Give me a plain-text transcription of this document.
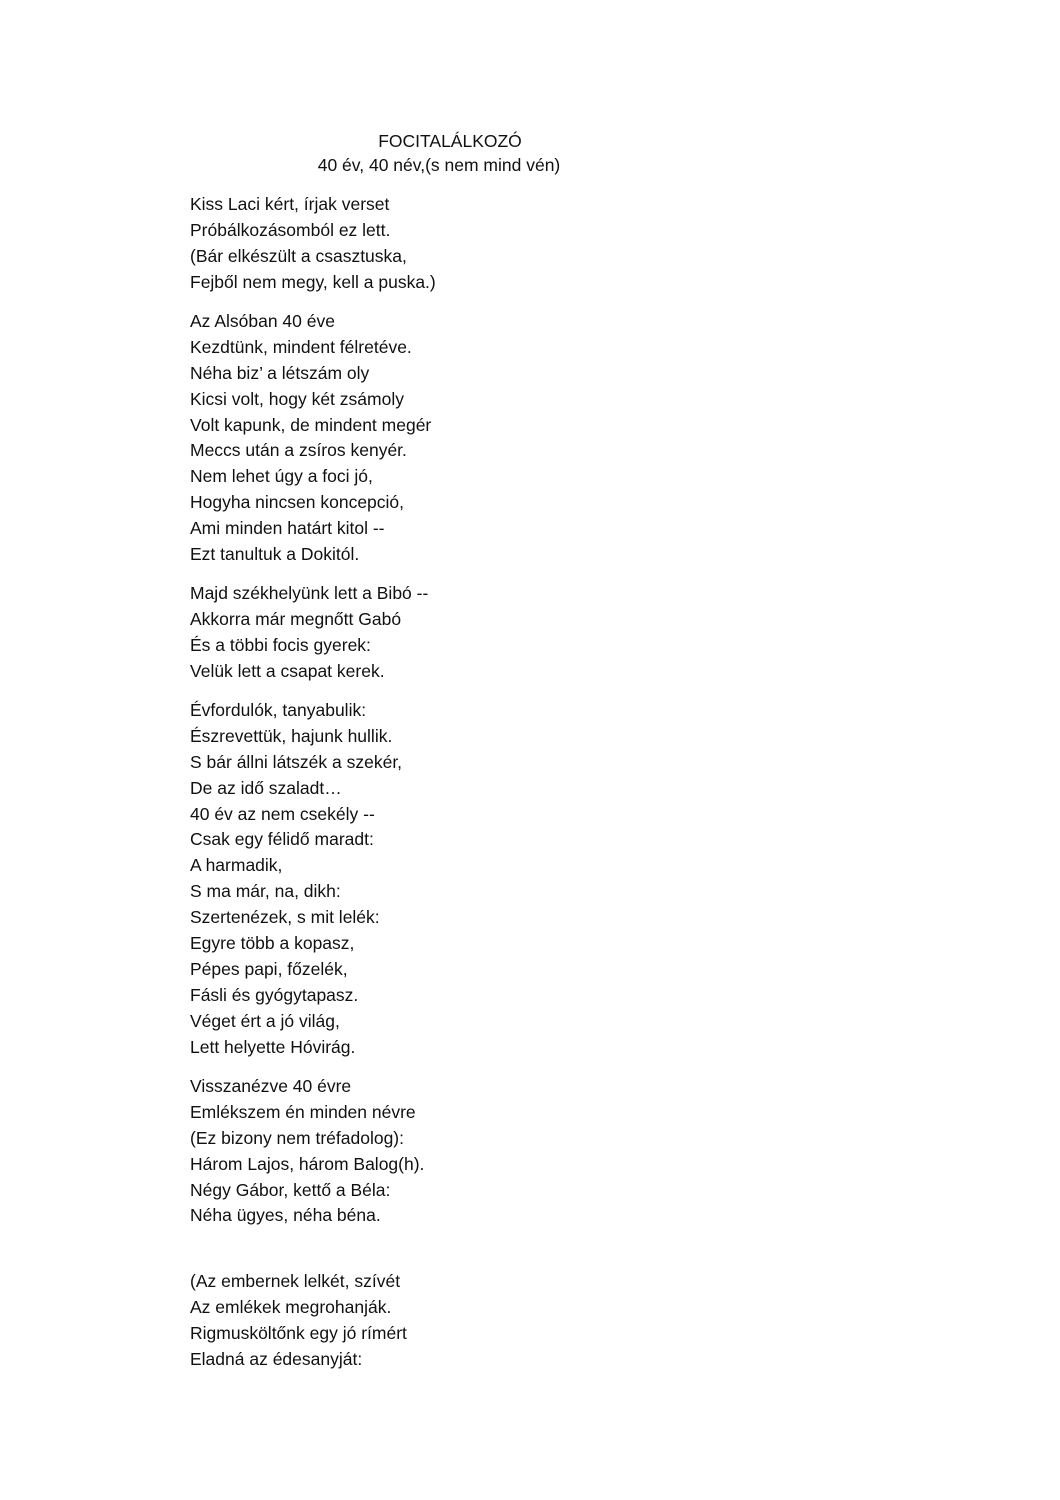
FOCITALÁLKOZÓ
40 év, 40 név,(s nem mind vén)
Kiss Laci kért, írjak verset
Próbálkozásomból ez lett.
(Bár elkészült a csasztuska,
Fejből nem megy, kell a puska.)
Az Alsóban 40 éve
Kezdtünk, mindent félretéve.
Néha biz’ a létszám oly
Kicsi volt, hogy két zsámoly
Volt kapunk, de mindent megér
Meccs után a zsíros kenyér.
Nem lehet úgy a foci jó,
Hogyha nincsen koncepció,
Ami minden határt kitol --
Ezt tanultuk a Dokitól.
Majd székhelyünk lett a Bibó --
Akkorra már megnőtt Gabó
És a többi focis gyerek:
Velük lett a csapat kerek.
Évfordulók, tanyabulik:
Észrevettük, hajunk hullik.
S bár állni látszék a szekér,
De az idő szaladt…
40 év az nem csekély --
Csak egy félidő maradt:
A harmadik,
S ma már, na, dikh:
Szertenézek, s mit lelék:
Egyre több a kopasz,
Pépes papi, főzelék,
Fásli és gyógytapasz.
Véget ért a jó világ,
Lett helyette Hóvirág.
Visszanézve 40 évre
Emlékszem én minden névre
(Ez bizony nem tréfadolog):
Három Lajos, három Balog(h).
Négy Gábor, kettő a Béla:
Néha ügyes, néha béna.
(Az embernek lelkét, szívét
Az emlékek megrohanják.
Rigmusköltőnk egy jó rímért
Eladná az édesanyját:
